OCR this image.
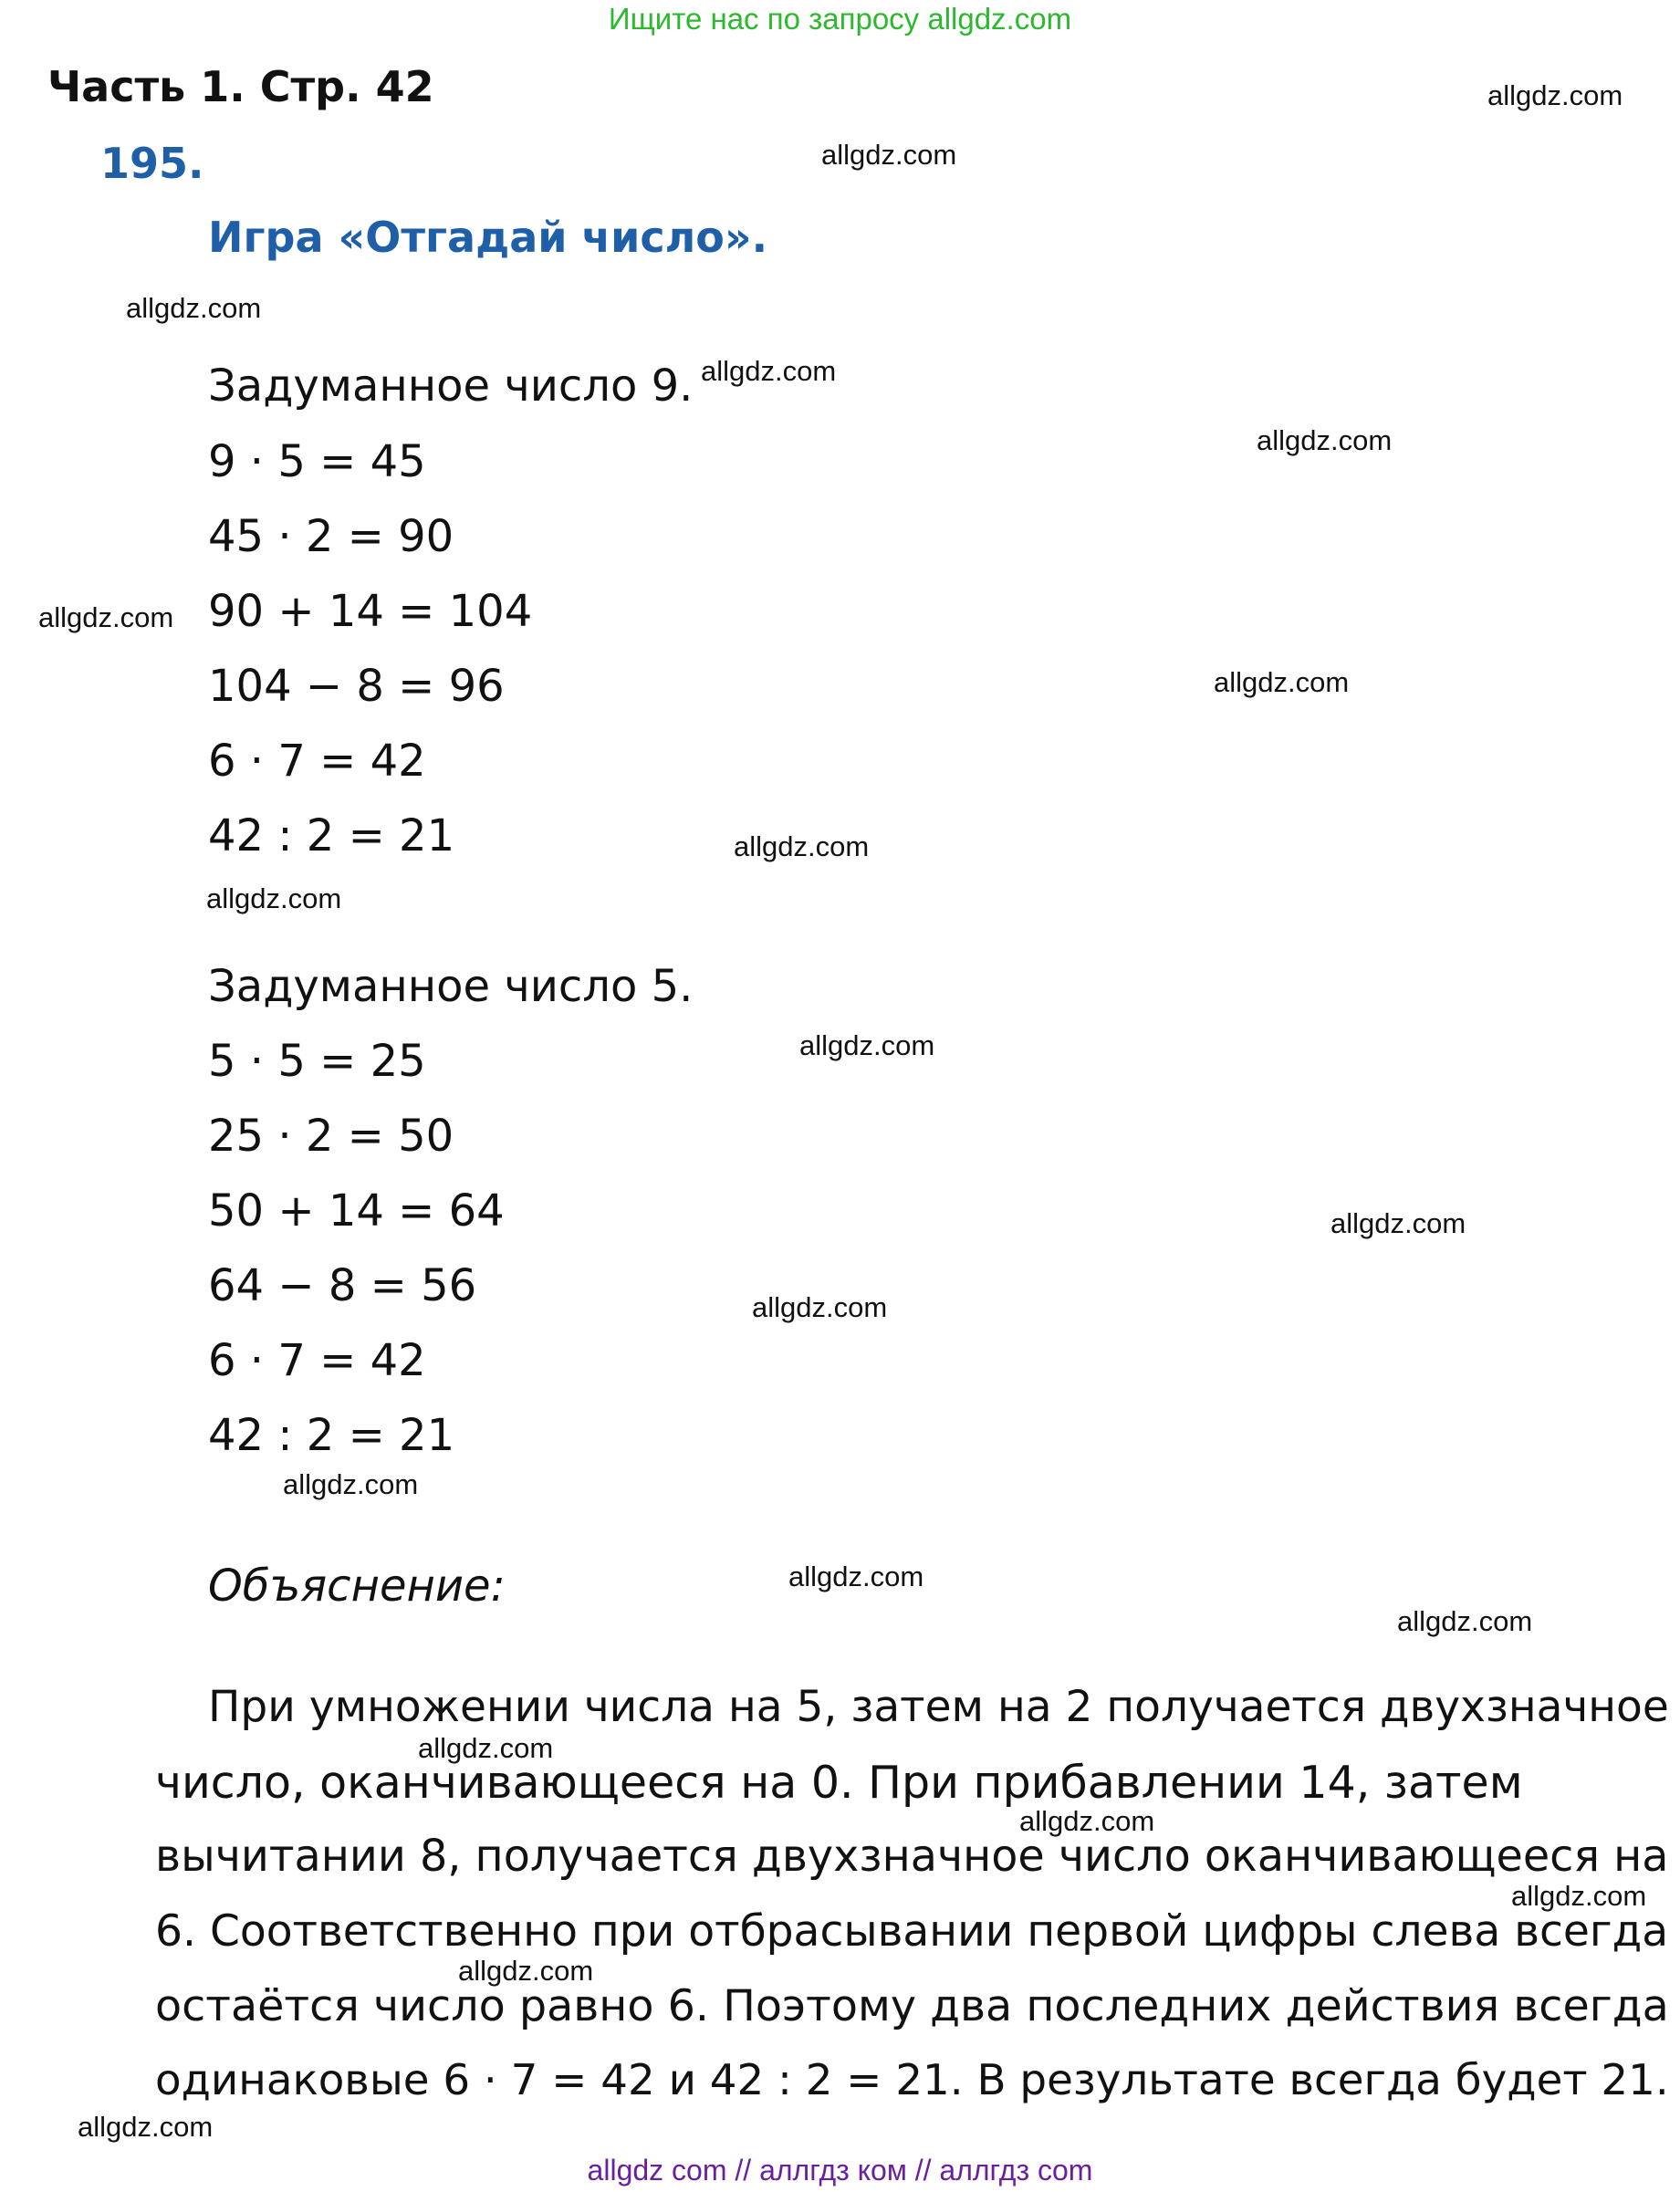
Ищите нас по запросу allgdz.com
Часть 1. Стр. 42
195.
Игра «Отгадай число».
Задуманное число 9.
9 · 5 = 45
45 · 2 = 90
90 + 14 = 104
104 − 8 = 96
6 · 7 = 42
42 : 2 = 21
Задуманное число 5.
5 · 5 = 25
25 · 2 = 50
50 + 14 = 64
64 − 8 = 56
6 · 7 = 42
42 : 2 = 21
Объяснение:
При умножении числа на 5, затем на 2 получается двухзначное
число, оканчивающееся на 0. При прибавлении 14, затем
вычитании 8, получается двухзначное число оканчивающееся на
6. Соответственно при отбрасывании первой цифры слева всегда
остаётся число равно 6. Поэтому два последних действия всегда
одинаковые 6 · 7 = 42 и 42 : 2 = 21. В результате всегда будет 21.
allgdz.com
allgdz.com
allgdz.com
allgdz.com
allgdz.com
allgdz.com
allgdz.com
allgdz.com
allgdz.com
allgdz.com
allgdz.com
allgdz.com
allgdz.com
allgdz.com
allgdz.com
allgdz.com
allgdz.com
allgdz.com
allgdz.com
allgdz.com
allgdz com // аллгдз ком // аллгдз com
